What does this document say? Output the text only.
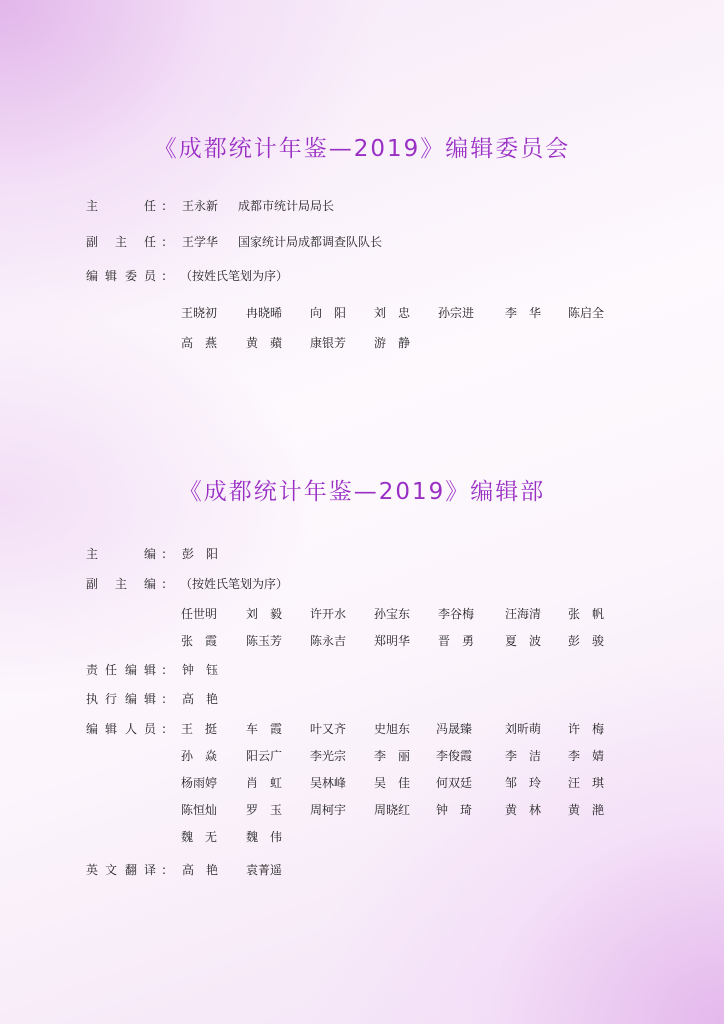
《成都统计年鉴—2019》编辑委员会
主	任 : 王永新 成都市统计局局长
副 主 任 : 王学华 国家统计局成都调查队队长
编 辑 委 员 : （按姓氏笔划为序）
王晓初 冉晓晞 向　阳 刘　忠 孙宗进	李　华 陈启全
高　燕 黄　蘋 康银芳 游　静
《成都统计年鉴—2019》编辑部
主	编 : 彭　阳
副 主 编 : （按姓氏笔划为序）
任世明 刘　毅 许开水 孙宝东 李谷梅	汪海清 张　帆
张　霞 陈玉芳 陈永吉 郑明华 晋　勇	夏　波 彭　骏
责 任 编 辑 : 钟　钰
执 行 编 辑 : 高　艳
编 辑 人 员 : 王　挺 车　霞 叶又齐 史旭东 冯晟臻	刘昕萌 许　梅
孙　焱 阳云广 李光宗 李　丽 李俊霞	李　洁 李　婧
杨雨婷 肖　虹 吴林峰 吴　佳 何双廷	邹　玲 汪　琪
陈恒灿 罗　玉 周柯宇 周晓红 钟　琦	黄　林 黄　滟
魏　无 魏　伟
英 文 翻 译 : 高　艳 袁菁遥
